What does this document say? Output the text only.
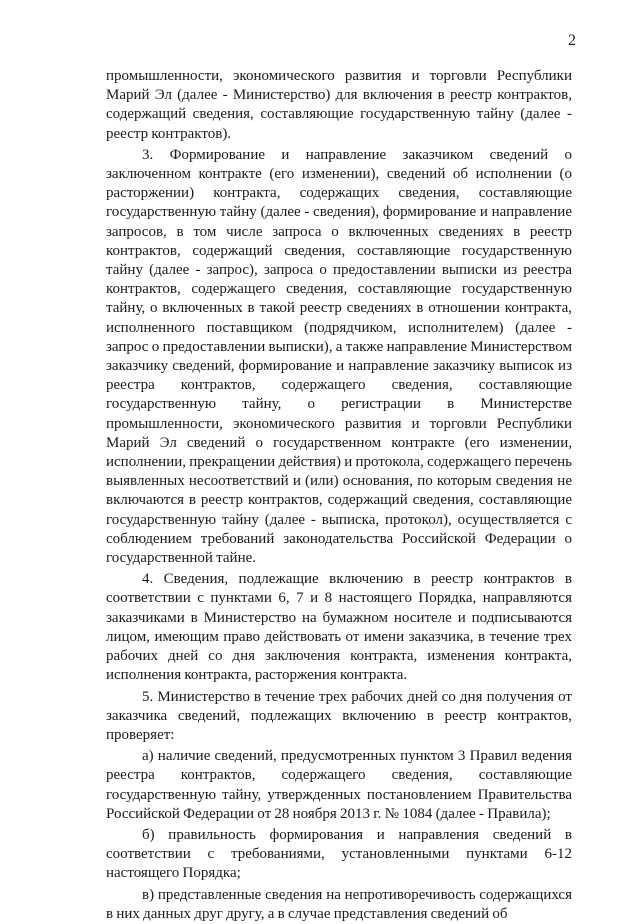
2

промышленности, экономического развития и торговли Республики Марий Эл (далее - Министерство) для включения в реестр контрактов, содержащий сведения, составляющие государственную тайну (далее - реестр контрактов).

3. Формирование и направление заказчиком сведений о заключенном контракте (его изменении), сведений об исполнении (о расторжении) контракта, содержащих сведения, составляющие государственную тайну (далее - сведения), формирование и направление запросов, в том числе запроса о включенных сведениях в реестр контрактов, содержащий сведения, составляющие государственную тайну (далее - запрос), запроса о предоставлении выписки из реестра контрактов, содержащего сведения, составляющие государственную тайну, о включенных в такой реестр сведениях в отношении контракта, исполненного поставщиком (подрядчиком, исполнителем) (далее - запрос о предоставлении выписки), а также направление Министерством заказчику сведений, формирование и направление заказчику выписок из реестра контрактов, содержащего сведения, составляющие государственную тайну, о регистрации в Министерстве промышленности, экономического развития и торговли Республики Марий Эл сведений о государственном контракте (его изменении, исполнении, прекращении действия) и протокола, содержащего перечень выявленных несоответствий и (или) основания, по которым сведения не включаются в реестр контрактов, содержащий сведения, составляющие государственную тайну (далее - выписка, протокол), осуществляется с соблюдением требований законодательства Российской Федерации о государственной тайне.

4. Сведения, подлежащие включению в реестр контрактов в соответствии с пунктами 6, 7 и 8 настоящего Порядка, направляются заказчиками в Министерство на бумажном носителе и подписываются лицом, имеющим право действовать от имени заказчика, в течение трех рабочих дней со дня заключения контракта, изменения контракта, исполнения контракта, расторжения контракта.

5. Министерство в течение трех рабочих дней со дня получения от заказчика сведений, подлежащих включению в реестр контрактов, проверяет:

а) наличие сведений, предусмотренных пунктом 3 Правил ведения реестра контрактов, содержащего сведения, составляющие государственную тайну, утвержденных постановлением Правительства Российской Федерации от 28 ноября 2013 г. № 1084 (далее - Правила);

б) правильность формирования и направления сведений в соответствии с требованиями, установленными пунктами 6-12 настоящего Порядка;

в) представленные сведения на непротиворечивость содержащихся в них данных друг другу, а в случае представления сведений об
